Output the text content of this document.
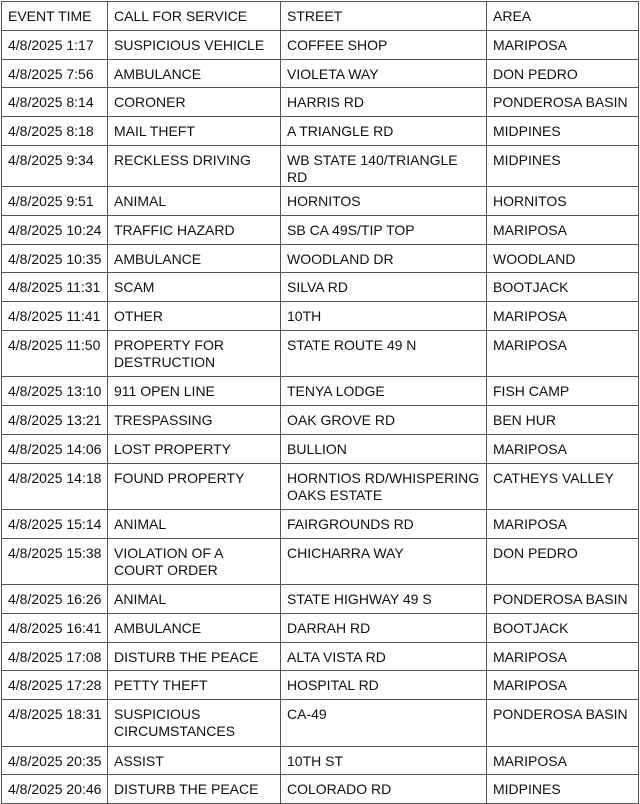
EVENT TIME	CALL FOR SERVICE	STREET	AREA
4/8/2025 1:17	SUSPICIOUS VEHICLE	COFFEE SHOP	MARIPOSA
4/8/2025 7:56	AMBULANCE	VIOLETA WAY	DON PEDRO
4/8/2025 8:14	CORONER	HARRIS RD	PONDEROSA BASIN
4/8/2025 8:18	MAIL THEFT	A TRIANGLE RD	MIDPINES
4/8/2025 9:34	RECKLESS DRIVING	WB STATE 140/TRIANGLE RD	MIDPINES
4/8/2025 9:51	ANIMAL	HORNITOS	HORNITOS
4/8/2025 10:24	TRAFFIC HAZARD	SB CA 49S/TIP TOP	MARIPOSA
4/8/2025 10:35	AMBULANCE	WOODLAND DR	WOODLAND
4/8/2025 11:31	SCAM	SILVA RD	BOOTJACK
4/8/2025 11:41	OTHER	10TH	MARIPOSA
4/8/2025 11:50	PROPERTY FOR DESTRUCTION	STATE ROUTE 49 N	MARIPOSA
4/8/2025 13:10	911 OPEN LINE	TENYA LODGE	FISH CAMP
4/8/2025 13:21	TRESPASSING	OAK GROVE RD	BEN HUR
4/8/2025 14:06	LOST PROPERTY	BULLION	MARIPOSA
4/8/2025 14:18	FOUND PROPERTY	HORNTIOS RD/WHISPERING OAKS ESTATE	CATHEYS VALLEY
4/8/2025 15:14	ANIMAL	FAIRGROUNDS RD	MARIPOSA
4/8/2025 15:38	VIOLATION OF A COURT ORDER	CHICHARRA WAY	DON PEDRO
4/8/2025 16:26	ANIMAL	STATE HIGHWAY 49 S	PONDEROSA BASIN
4/8/2025 16:41	AMBULANCE	DARRAH RD	BOOTJACK
4/8/2025 17:08	DISTURB THE PEACE	ALTA VISTA RD	MARIPOSA
4/8/2025 17:28	PETTY THEFT	HOSPITAL RD	MARIPOSA
4/8/2025 18:31	SUSPICIOUS CIRCUMSTANCES	CA-49	PONDEROSA BASIN
4/8/2025 20:35	ASSIST	10TH ST	MARIPOSA
4/8/2025 20:46	DISTURB THE PEACE	COLORADO RD	MIDPINES
